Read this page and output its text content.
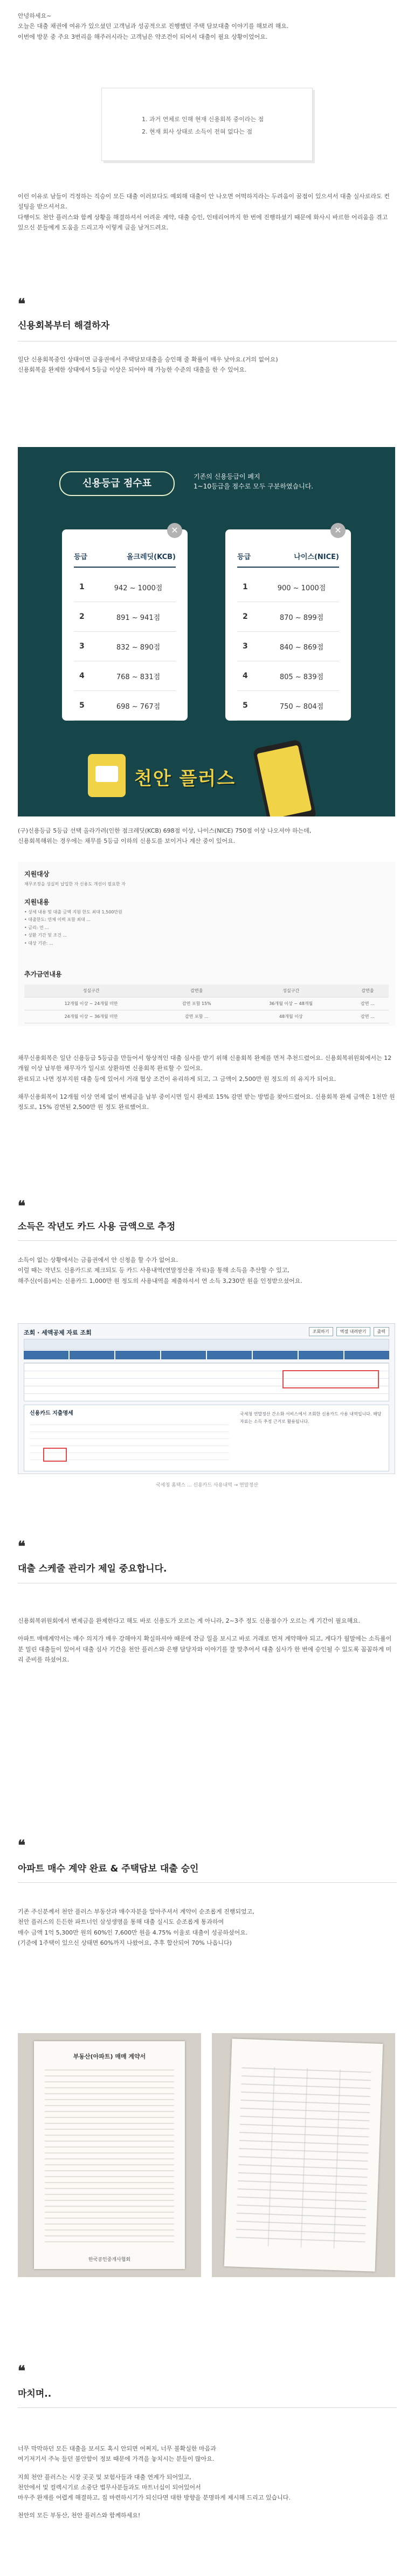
안녕하세요~

오늘은 대출 채권에 여유가 있으셨던 고객님과 성공적으로 진행했던 주택 담보대출 이야기를 해보려 해요.

이번에 방문 중 주요 3번리을 해주러시라는 고객님은 약조건이 되어서 대출이 필요 상황이었어요.

1. 과거 연체로 인해 현재 신용회복 중이라는 점
2. 현재 회사 상태로 소득이 전혀 없다는 점

이런 이유로 남들이 걱정하는 직승이 모든 대출 이러보다도 예외해 대출이 안 나오면 어떡하지라는 두려움이 꿈점이 있으셔서 대출 실사로라도 컨설팅을 받으셔서요.

다행이도 천안 플러스와 함께 상황을 해결하셔서 어려운 계약, 대출 승인, 인테리어까지 한 번에 진행하셨기 때문에 화사시 바르한 어리움을 겪고 있으신 분들에게 도움을 드리고자 이렇게 글을 남겨드려요.

❝
신용회복부터 해결하자

일단 신용회복중인 상태이면 금융권에서 주택담보대출을 승인해 줄 확률이 매우 낮아요.(거의 없어요)

신용회복을 완제한 상태에서 5등급 이상은 되어야 해 가능한 수준의 대출을 한 수 있어요.

신용등급 점수표
기존의 신용등급이 폐지
1~10등급을 점수로 모두 구분하였습니다.
✕
등급	올크레딧(KCB)
1	942 ~ 1000점
2	891 ~ 941점
3	832 ~ 890점
4	768 ~ 831점
5	698 ~ 767점
✕
등급	나이스(NICE)
1	900 ~ 1000점
2	870 ~ 899점
3	840 ~ 869점
4	805 ~ 839점
5	750 ~ 804점
천안 플러스

(구)신용등급 5등급 선택 올라가려(인한 점크레딧(KCB) 698점 이상, 나이스(NICE) 750점 이상 나오셔야 하는데,

신용회복해위는 경우에는 채무를 5등급 이하의 신용도를 보이거나 계산 중이 있어요.

지원대상
채무조정을 성실히 납입한 자 신용도 개선이 필요한 자
지원내용
• 상세 내용 및 대출 금액 지원 한도 최대 1,500만원
• 대출한도: 연체 이력 포함 최대 ...
• 금리: 연 ...
• 상환 기간 및 조건 ...
• 대상 기관: ...
추가금연내용
성실구간	감면율	성실구간	감면율
12개월 이상 ~ 24개월 미만	감면 포함 15%	36개월 이상 ~ 48개월	감면 ...
24개월 이상 ~ 36개월 미만	감면 포함 ...	48개월 이상	감면 ...

채무신용회복은 일단 신용등급 5등급을 만들어서 항상적인 대출 심사를 받기 위해 신용회복 완제를 먼저 추천드렸어요. 신용회복위원회에서는 12개월 이상 납부한 채무자가 일시로 상환하면 신용회복 완료할 수 있어요.

완료되고 나면 정부지원 대출 등에 있어서 거래 협상 조건이 유리하게 되고, 그 금액이 2,500만 원 정도의 의 유지가 되어요.

채무신용회복이 12개월 이상 연체 없이 변제금을 납부 중이시면 일시 완제로 15% 감면 받는 방법을 찾아드렸어요. 신용회복 완제 금액은 1천만 원 정도로, 15% 감면된 2,500만 원 정도 완료했어요.

❝
소득은 작년도 카드 사용 금액으로 추정

소득이 없는 상황에서는 금융권에서 안 신청을 할 수가 없어요.

이럴 때는 작년도 신용카드로 제크되도 등 카드 사용내역(연말정산용 자료)을 통해 소득을 추산할 수 있고,

해주신(이름)씨는 신용카드 1,000만 원 정도의 사용내역을 제출하셔서 연 소득 3,230만 원을 인정받으셨어요.

조회 · 세액공제 자료 조회	조회하기	엑셀 내려받기	출력
신용카드 지출명세	국세청 연말정산 간소화 서비스에서 조회한 신용카드 사용 내역입니다. 해당 자료는 소득 추정 근거로 활용됩니다.
국세청 홈택스 ... 신용카드 사용내역 → 연말정산
❝
대출 스케줄 관리가 제일 중요합니다.

신용회복위원회에서 변제금을 완제한다고 해도 바로 신용도가 오르는 게 아니라, 2~3주 정도 신용점수가 오르는 게 기간이 필요해요.

아파트 매매계약서는 매수 의지가 매우 강해야지 확실하셔야 때문에 잔금 일을 보시고 바로 거래로 먼저 계약해야 되고, 게다가 월말에는 소득률이 분 밀린 대출들이 있어서 대출 심사 기간을 천안 플러스와 은행 담당자와 이야기를 잘 맞추어서 대출 심사가 한 번에 승인될 수 있도록 꼼꼼하게 미리 준비를 하셨어요.

❝
아파트 매수 계약 완료 & 주택담보 대출 승인

기존 주신분께서 천안 플러스 부동산과 매수자분을 알아주셔서 계약이 순조롭게 진행되었고,

천안 플러스의 든든한 파트너인 삼성생명을 통해 대출 실시도 순조롭게 통과하여

매수 금액 1억 5,300만 원의 60%인 7,600만 원을 4.75% 이율로 대출이 성공하셨어요.

(기준에 1주택이 있으신 상태면 60%까지 나왔어요, 추후 합산되어 70% 나옵니다)

부동산(아파트) 매매 계약서
한국공인중개사협회
❝
마치며..

너무 막막하던 모든 대출을 보셔도 혹시 안되면 어쩌지, 너무 불확실한 마음과

여기저기서 주눅 들던 불안함이 정보 때문에 가격을 놓치시는 분들이 많아요.

지희 천안 플러스는 시장 곳곳 및 보험사들과 대출 연계가 되어있고,

천안에서 및 컬렉시기로 소중단 법무사분들과도 마트너십이 되어있어서

마우주 완재를 어렵게 해결하고, 집 마련하시기가 되신다면 대한 방향을 분명하게 제시해 드리고 있습니다.

천안의 모든 부동산, 천안 플러스와 함께하세요!
